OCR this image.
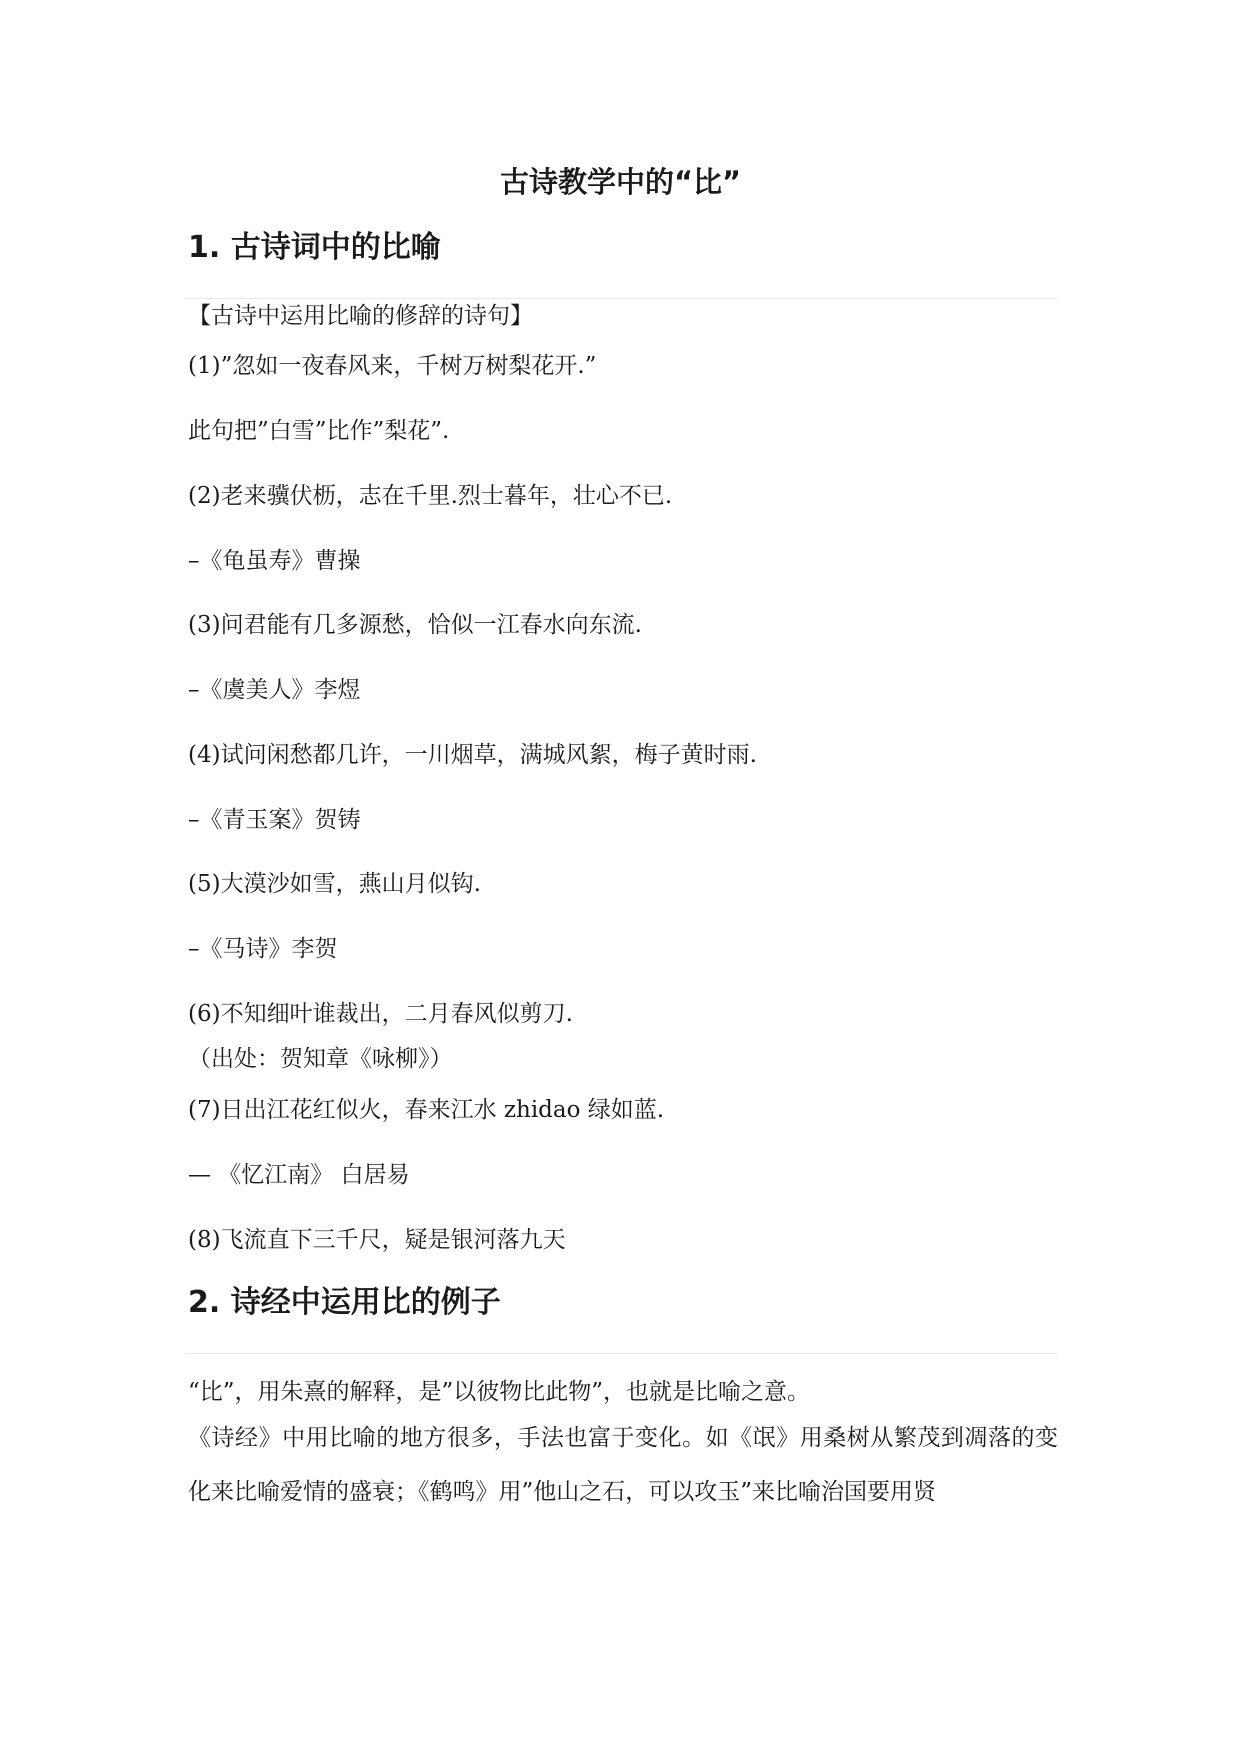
古诗教学中的“比”
1. 古诗词中的比喻

【古诗中运用比喻的修辞的诗句】

(1)”忽如一夜春风来，千树万树梨花开.”

此句把”白雪”比作”梨花”.

(2)老来骥伏枥，志在千里.烈士暮年，壮心不已.

–《龟虽寿》曹操

(3)问君能有几多源愁，恰似一江春水向东流.

–《虞美人》李煜

(4)试问闲愁都几许，一川烟草，满城风絮，梅子黄时雨.

–《青玉案》贺铸

(5)大漠沙如雪，燕山月似钩.

–《马诗》李贺

(6)不知细叶谁裁出，二月春风似剪刀.

（出处：贺知章《咏柳》）

(7)日出江花红似火，春来江水 zhidao 绿如蓝.

— 《忆江南》 白居易

(8)飞流直下三千尺，疑是银河落九天

2. 诗经中运用比的例子

“比”，用朱熹的解释，是”以彼物比此物”，也就是比喻之意。

《诗经》中用比喻的地方很多，手法也富于变化。如《氓》用桑树从繁茂到凋落的变化来比喻爱情的盛衰；《鹤鸣》用”他山之石，可以攻玉”来比喻治国要用贤
